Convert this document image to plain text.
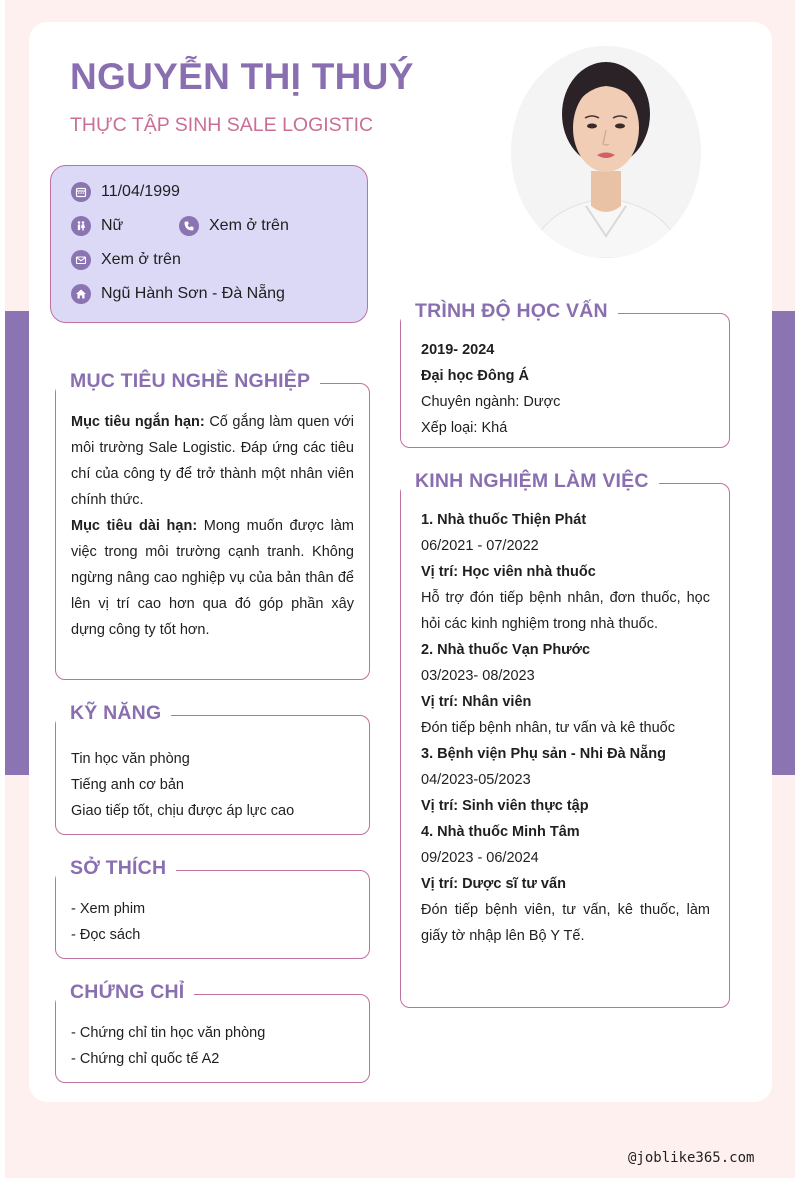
NGUYỄN THỊ THUÝ
THỰC TẬP SINH SALE LOGISTIC
11/04/1999
Nữ	Xem ở trên
Xem ở trên
Ngũ Hành Sơn - Đà Nẵng
MỤC TIÊU NGHỀ NGHIỆP
Mục tiêu ngắn hạn: Cố gắng làm quen với môi trường Sale Logistic. Đáp ứng các tiêu chí của công ty để trở thành một nhân viên chính thức.
Mục tiêu dài hạn: Mong muốn được làm việc trong môi trường cạnh tranh. Không ngừng nâng cao nghiệp vụ của bản thân để lên vị trí cao hơn qua đó góp phần xây dựng công ty tốt hơn.
KỸ NĂNG
Tin học văn phòng
Tiếng anh cơ bản
Giao tiếp tốt, chịu được áp lực cao
SỞ THÍCH
- Xem phim
- Đọc sách
CHỨNG CHỈ
- Chứng chỉ tin học văn phòng
- Chứng chỉ quốc tế A2
TRÌNH ĐỘ HỌC VẤN
2019- 2024
Đại học Đông Á
Chuyên ngành: Dược
Xếp loại: Khá
KINH NGHIỆM LÀM VIỆC
1. Nhà thuốc Thiện Phát
06/2021 - 07/2022
Vị trí: Học viên nhà thuốc
Hỗ trợ đón tiếp bệnh nhân, đơn thuốc, học hỏi các kinh nghiệm trong nhà thuốc.
2. Nhà thuốc Vạn Phước
03/2023- 08/2023
Vị trí: Nhân viên
Đón tiếp bệnh nhân, tư vấn và kê thuốc
3. Bệnh viện Phụ sản - Nhi Đà Nẵng
04/2023-05/2023
Vị trí: Sinh viên thực tập
4. Nhà thuốc Minh Tâm
09/2023 - 06/2024
Vị trí: Dược sĩ tư vấn
Đón tiếp bệnh viên, tư vấn, kê thuốc, làm giấy tờ nhập lên Bộ Y Tế.
@joblike365.com
